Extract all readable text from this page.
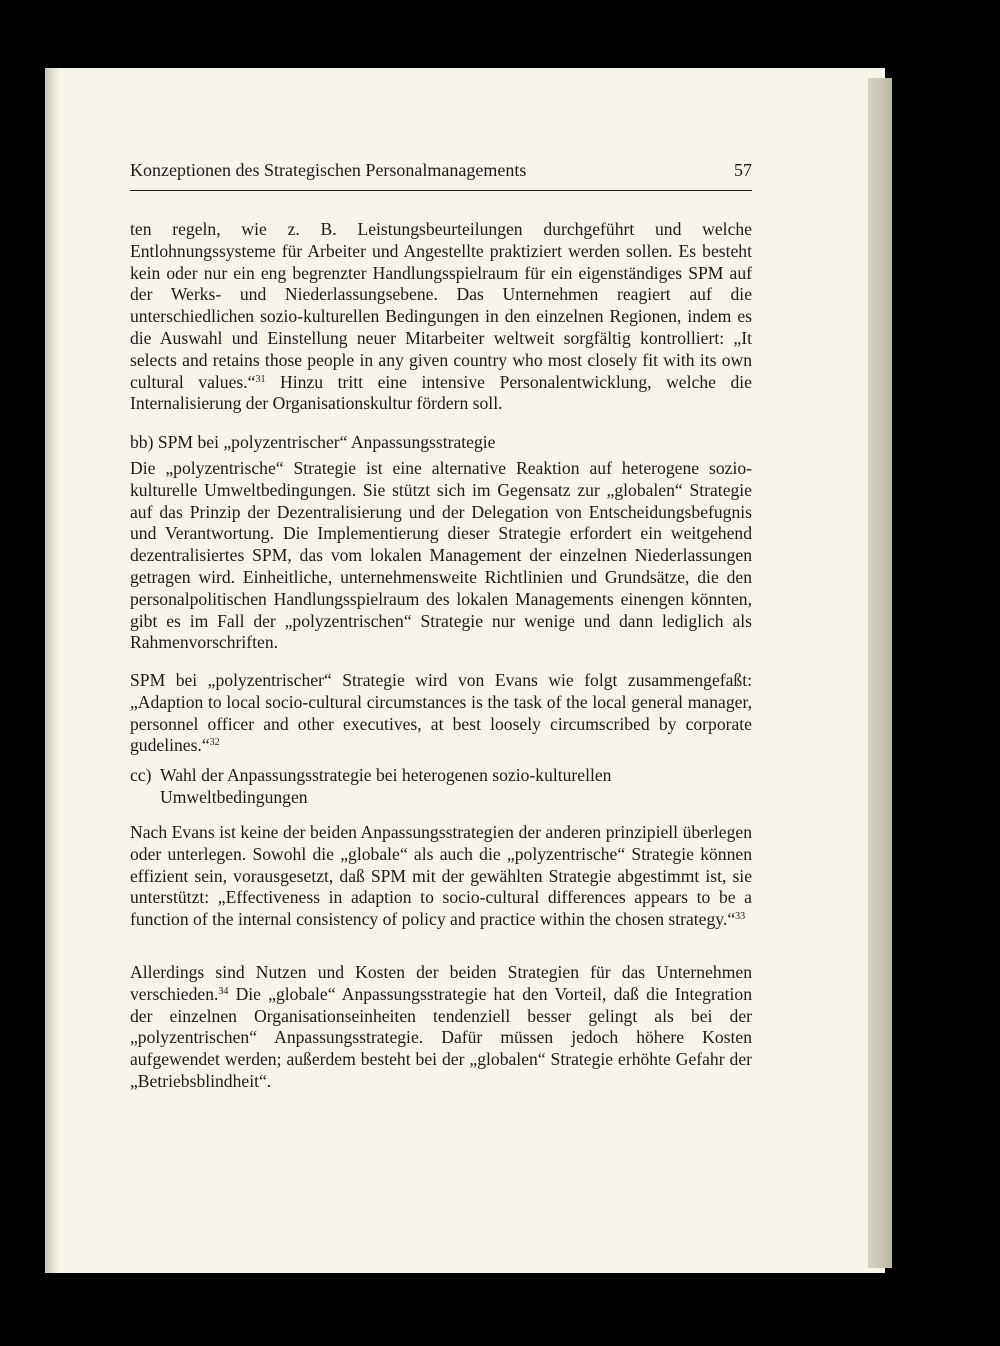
Konzeptionen des Strategischen Personalmanagements	57

ten regeln, wie z. B. Leistungsbeurteilungen durchgeführt und welche Entlohnungssysteme für Arbeiter und Angestellte praktiziert werden sollen. Es besteht kein oder nur ein eng begrenzter Handlungsspielraum für ein eigenständiges SPM auf der Werks- und Niederlassungsebene. Das Unternehmen reagiert auf die unterschiedlichen sozio-kulturellen Bedingungen in den einzelnen Regionen, indem es die Auswahl und Einstellung neuer Mitarbeiter weltweit sorgfältig kontrolliert: „It selects and retains those people in any given country who most closely fit with its own cultural values.“$^{31}$ Hinzu tritt eine intensive Personalentwicklung, welche die Internalisierung der Organisationskultur fördern soll.

bb) SPM bei „polyzentrischer“ Anpassungsstrategie

Die „polyzentrische“ Strategie ist eine alternative Reaktion auf heterogene sozio-kulturelle Umweltbedingungen. Sie stützt sich im Gegensatz zur „globalen“ Strategie auf das Prinzip der Dezentralisierung und der Delegation von Entscheidungsbefugnis und Verantwortung. Die Implementierung dieser Strategie erfordert ein weitgehend dezentralisiertes SPM, das vom lokalen Management der einzelnen Niederlassungen getragen wird. Einheitliche, unternehmensweite Richtlinien und Grundsätze, die den personalpolitischen Handlungsspielraum des lokalen Managements einengen könnten, gibt es im Fall der „polyzentrischen“ Strategie nur wenige und dann lediglich als Rahmenvorschriften.

SPM bei „polyzentrischer“ Strategie wird von Evans wie folgt zusammengefaßt: „Adaption to local socio-cultural circumstances is the task of the local general manager, personnel officer and other executives, at best loosely circumscribed by corporate gudelines.“$^{32}$

cc) Wahl der Anpassungsstrategie bei heterogenen sozio-kulturellen Umweltbedingungen

Nach Evans ist keine der beiden Anpassungsstrategien der anderen prinzipiell überlegen oder unterlegen. Sowohl die „globale“ als auch die „polyzentrische“ Strategie können effizient sein, vorausgesetzt, daß SPM mit der gewählten Strategie abgestimmt ist, sie unterstützt: „Effectiveness in adaption to socio-cultural differences appears to be a function of the internal consistency of policy and practice within the chosen strategy.“$^{33}$

Allerdings sind Nutzen und Kosten der beiden Strategien für das Unternehmen verschieden.$^{34}$ Die „globale“ Anpassungsstrategie hat den Vorteil, daß die Integration der einzelnen Organisationseinheiten tendenziell besser gelingt als bei der „polyzentrischen“ Anpassungsstrategie. Dafür müssen jedoch höhere Kosten aufgewendet werden; außerdem besteht bei der „globalen“ Strategie erhöhte Gefahr der „Betriebsblindheit“.
